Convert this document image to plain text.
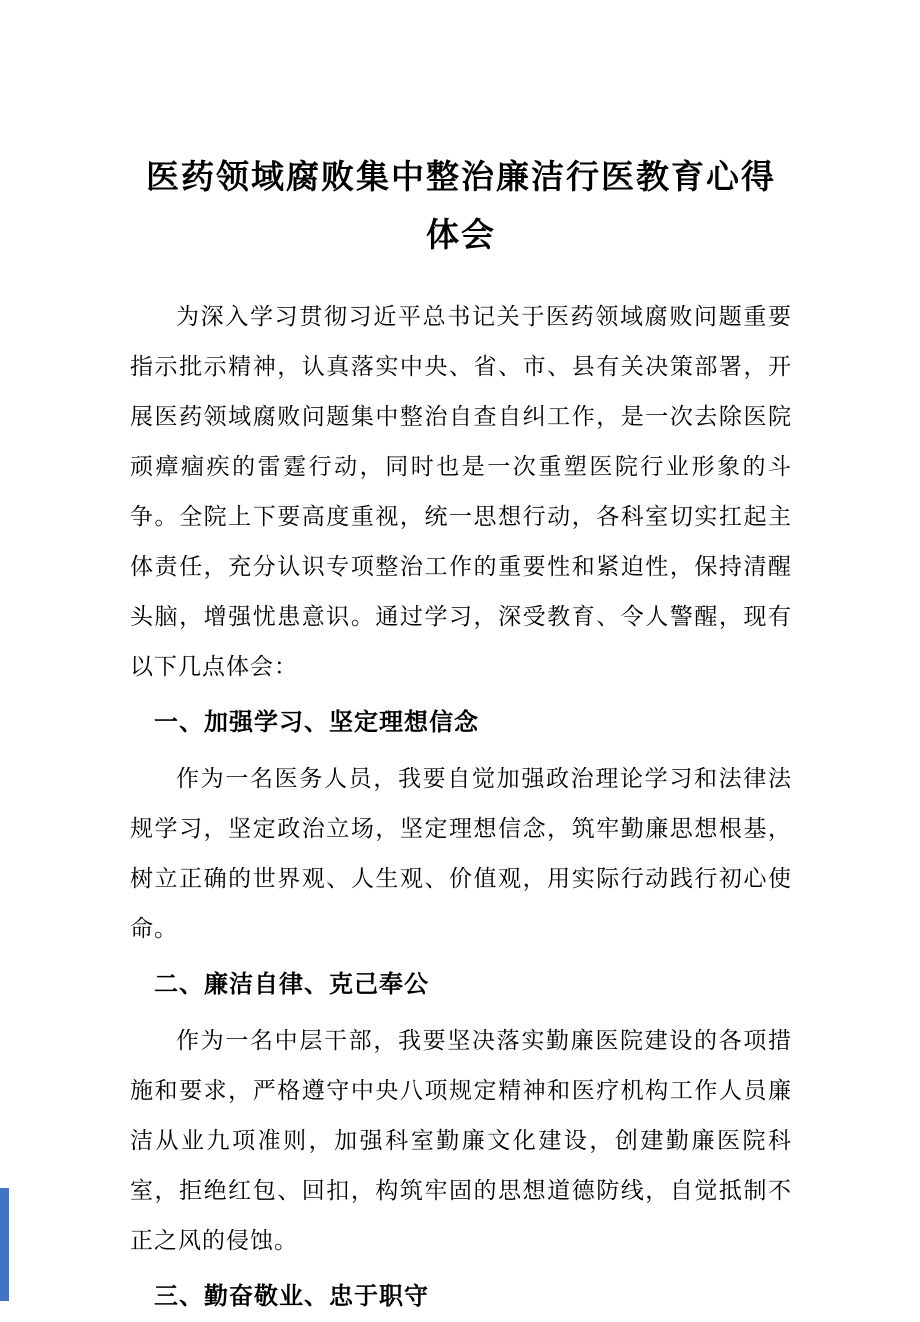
医药领域腐败集中整治廉洁行医教育心得
体会

为深入学习贯彻习近平总书记关于医药领域腐败问题重要指示批示精神，认真落实中央、省、市、县有关决策部署，开展医药领域腐败问题集中整治自查自纠工作，是一次去除医院顽瘴痼疾的雷霆行动，同时也是一次重塑医院行业形象的斗争。全院上下要高度重视，统一思想行动，各科室切实扛起主体责任，充分认识专项整治工作的重要性和紧迫性，保持清醒头脑，增强忧患意识。通过学习，深受教育、令人警醒，现有以下几点体会：

一、加强学习、坚定理想信念

作为一名医务人员，我要自觉加强政治理论学习和法律法规学习，坚定政治立场，坚定理想信念，筑牢勤廉思想根基，树立正确的世界观、人生观、价值观，用实际行动践行初心使命。

二、廉洁自律、克己奉公

作为一名中层干部，我要坚决落实勤廉医院建设的各项措施和要求，严格遵守中央八项规定精神和医疗机构工作人员廉洁从业九项准则，加强科室勤廉文化建设，创建勤廉医院科室，拒绝红包、回扣，构筑牢固的思想道德防线，自觉抵制不正之风的侵蚀。

三、勤奋敬业、忠于职守
